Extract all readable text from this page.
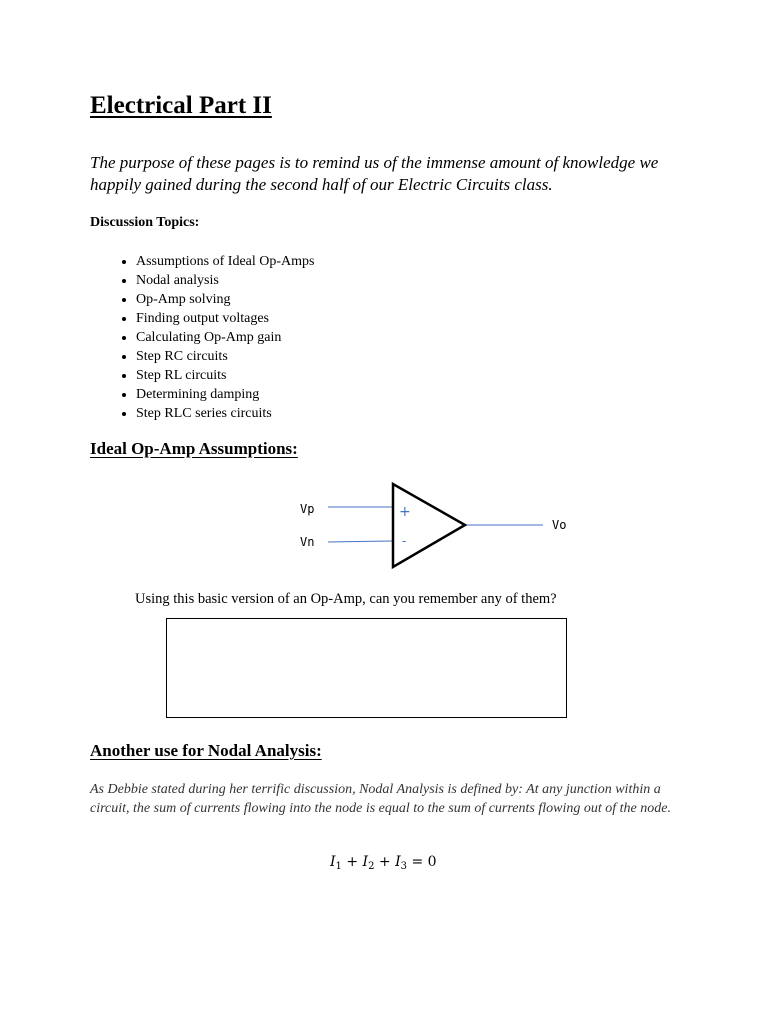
Electrical Part II
The purpose of these pages is to remind us of the immense amount of knowledge we happily gained during the second half of our Electric Circuits class.
Discussion Topics:
• Assumptions of Ideal Op-Amps
• Nodal analysis
• Op-Amp solving
• Finding output voltages
• Calculating Op-Amp gain
• Step RC circuits
• Step RL circuits
• Determining damping
• Step RLC series circuits
Ideal Op-Amp Assumptions:
+
-
Vp
Vn
Vo
Using this basic version of an Op-Amp, can you remember any of them?
Another use for Nodal Analysis:
As Debbie stated during her terrific discussion, Nodal Analysis is defined by: At any junction within a circuit, the sum of currents flowing into the node is equal to the sum of currents flowing out of the node.
$I_1 + I_2 + I_3 = 0$
